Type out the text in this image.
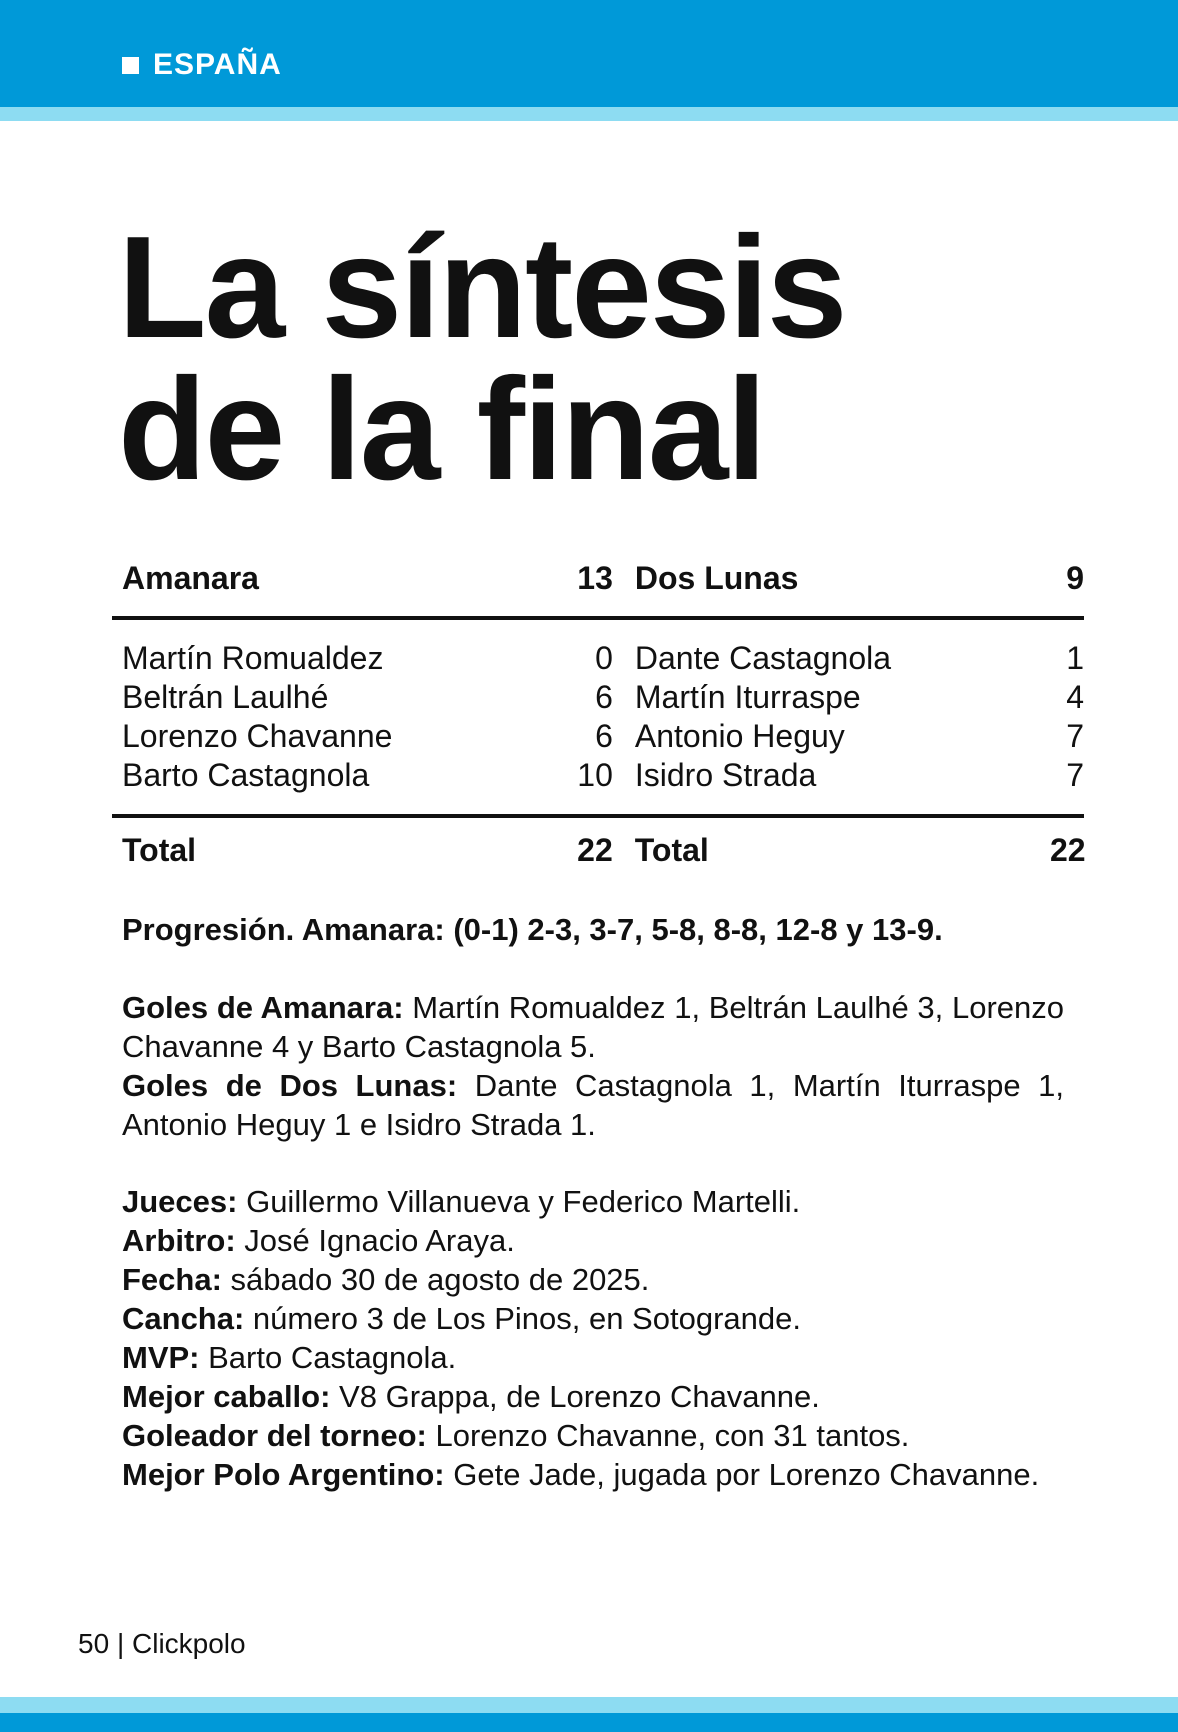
ESPAÑA
La síntesis
de la final
Amanara	13 Dos Lunas	9
Martín Romualdez	0 Dante Castagnola	1
Beltrán Laulhé	6 Martín Iturraspe	4
Lorenzo Chavanne	6 Antonio Heguy	7
Barto Castagnola	10 Isidro Strada	7
Total	22 Total	22
Progresión. Amanara: (0-1) 2-3, 3-7, 5-8, 8-8, 12-8 y 13-9.

Goles de Amanara: Martín Romualdez 1, Beltrán Laulhé 3, Lorenzo Chavanne 4 y Barto Castagnola 5.

Goles de Dos Lunas: Dante Castagnola 1, Martín Iturraspe 1, Antonio Heguy 1 e Isidro Strada 1.

Jueces: Guillermo Villanueva y Federico Martelli.

Arbitro: José Ignacio Araya.

Fecha: sábado 30 de agosto de 2025.

Cancha: número 3 de Los Pinos, en Sotogrande.

MVP: Barto Castagnola.

Mejor caballo: V8 Grappa, de Lorenzo Chavanne.

Goleador del torneo: Lorenzo Chavanne, con 31 tantos.

Mejor Polo Argentino: Gete Jade, jugada por Lorenzo Chavanne.

50 | Clickpolo
